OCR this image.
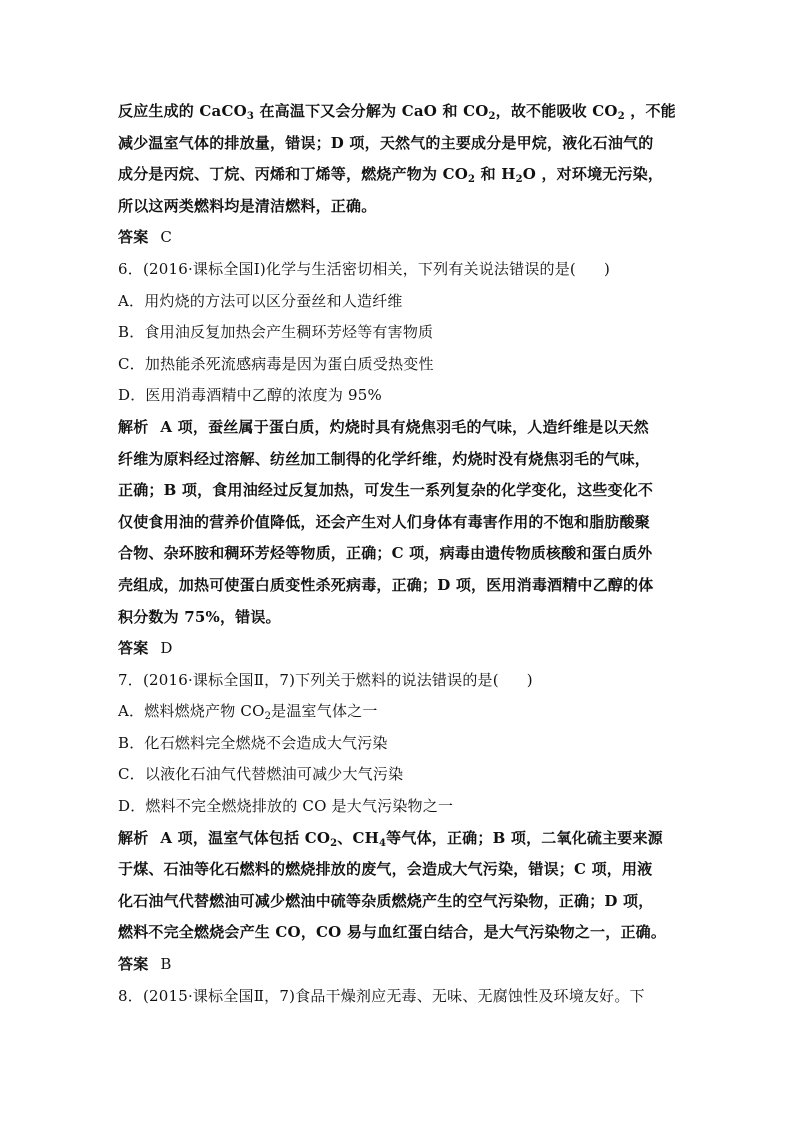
反应生成的 CaCO$_3$ 在高温下又会分解为 CaO 和 $CO_2$，故不能吸收 $CO_2$ ，不能
减少温室气体的排放量，错误；D 项，天然气的主要成分是甲烷，液化石油气的
成分是丙烷、丁烷、丙烯和丁烯等，燃烧产物为 $CO_2$ 和 $H_2O$ ，对环境无污染，
所以这两类燃料均是清洁燃料，正确。
答案 C
6．(2016·课标全国Ⅰ)化学与生活密切相关，下列有关说法错误的是( )
A．用灼烧的方法可以区分蚕丝和人造纤维
B．食用油反复加热会产生稠环芳烃等有害物质
C．加热能杀死流感病毒是因为蛋白质受热变性
D．医用消毒酒精中乙醇的浓度为 95%
解析 A 项，蚕丝属于蛋白质，灼烧时具有烧焦羽毛的气味，人造纤维是以天然
纤维为原料经过溶解、纺丝加工制得的化学纤维，灼烧时没有烧焦羽毛的气味，
正确；B 项，食用油经过反复加热，可发生一系列复杂的化学变化，这些变化不
仅使食用油的营养价值降低，还会产生对人们身体有毒害作用的不饱和脂肪酸聚
合物、杂环胺和稠环芳烃等物质，正确；C 项，病毒由遗传物质核酸和蛋白质外
壳组成，加热可使蛋白质变性杀死病毒，正确；D 项，医用消毒酒精中乙醇的体
积分数为 75%，错误。
答案 D
7．(2016·课标全国Ⅱ，7)下列关于燃料的说法错误的是( )
A．燃料燃烧产物 $CO_2$是温室气体之一
B．化石燃料完全燃烧不会造成大气污染
C．以液化石油气代替燃油可减少大气污染
D．燃料不完全燃烧排放的 CO 是大气污染物之一
解析 A 项，温室气体包括 $CO_2$、$CH_4$等气体，正确；B 项，二氧化硫主要来源
于煤、石油等化石燃料的燃烧排放的废气，会造成大气污染，错误；C 项，用液
化石油气代替燃油可减少燃油中硫等杂质燃烧产生的空气污染物，正确；D 项，
燃料不完全燃烧会产生 CO，CO 易与血红蛋白结合，是大气污染物之一，正确。
答案 B
8．(2015·课标全国Ⅱ，7)食品干燥剂应无毒、无味、无腐蚀性及环境友好。下
